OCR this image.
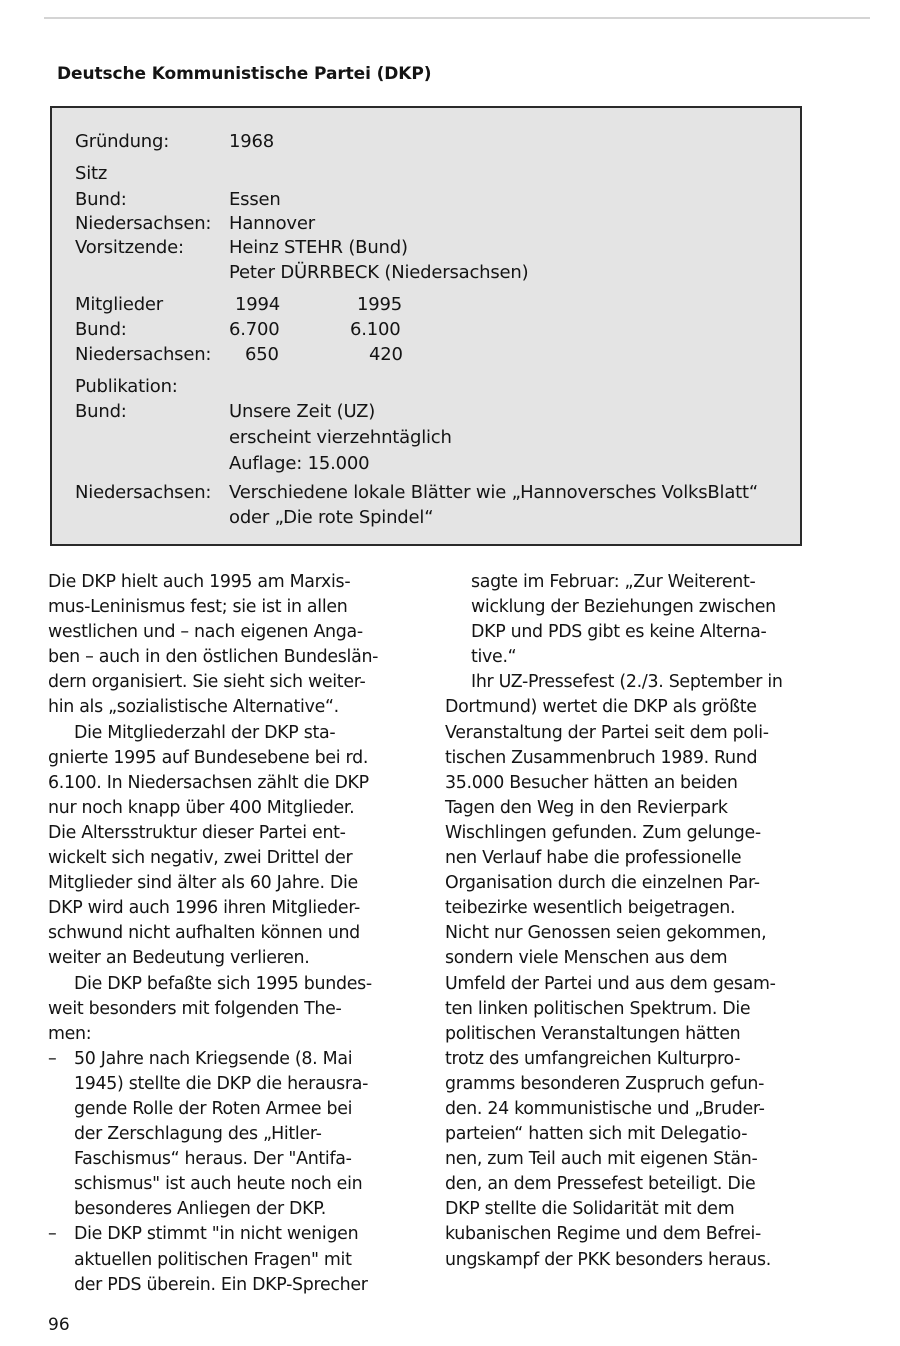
Deutsche Kommunistische Partei (DKP)
Gründung:	1968
Sitz
Bund:	Essen
Niedersachsen: Hannover
Vorsitzende:	Heinz STEHR (Bund)
Peter DÜRRBECK (Niedersachsen)
Mitglieder	1994	1995
Bund:	6.700	6.100
Niedersachsen: 650	420
Publikation:
Bund:	Unsere Zeit (UZ)
erscheint vierzehntäglich
Auflage: 15.000
Niedersachsen: Verschiedene lokale Blätter wie „Hannoversches VolksBlatt“
oder „Die rote Spindel“
Die DKP hielt auch 1995 am Marxis-
mus-Leninismus fest; sie ist in allen
westlichen und – nach eigenen Anga-
ben – auch in den östlichen Bundeslän-
dern organisiert. Sie sieht sich weiter-
hin als „sozialistische Alternative“.
Die Mitgliederzahl der DKP sta-
gnierte 1995 auf Bundesebene bei rd.
6.100. In Niedersachsen zählt die DKP
nur noch knapp über 400 Mitglieder.
Die Altersstruktur dieser Partei ent-
wickelt sich negativ, zwei Drittel der
Mitglieder sind älter als 60 Jahre. Die
DKP wird auch 1996 ihren Mitglieder-
schwund nicht aufhalten können und
weiter an Bedeutung verlieren.
Die DKP befaßte sich 1995 bundes-
weit besonders mit folgenden The-
men:
– 50 Jahre nach Kriegsende (8. Mai
1945) stellte die DKP die herausra-
gende Rolle der Roten Armee bei
der Zerschlagung des „Hitler-
Faschismus“ heraus. Der "Antifa-
schismus" ist auch heute noch ein
besonderes Anliegen der DKP.
– Die DKP stimmt "in nicht wenigen
aktuellen politischen Fragen" mit
der PDS überein. Ein DKP-Sprecher
sagte im Februar: „Zur Weiterent-
wicklung der Beziehungen zwischen
DKP und PDS gibt es keine Alterna-
tive.“
Ihr UZ-Pressefest (2./3. September in
Dortmund) wertet die DKP als größte
Veranstaltung der Partei seit dem poli-
tischen Zusammenbruch 1989. Rund
35.000 Besucher hätten an beiden
Tagen den Weg in den Revierpark
Wischlingen gefunden. Zum gelunge-
nen Verlauf habe die professionelle
Organisation durch die einzelnen Par-
teibezirke wesentlich beigetragen.
Nicht nur Genossen seien gekommen,
sondern viele Menschen aus dem
Umfeld der Partei und aus dem gesam-
ten linken politischen Spektrum. Die
politischen Veranstaltungen hätten
trotz des umfangreichen Kulturpro-
gramms besonderen Zuspruch gefun-
den. 24 kommunistische und „Bruder-
parteien“ hatten sich mit Delegatio-
nen, zum Teil auch mit eigenen Stän-
den, an dem Pressefest beteiligt. Die
DKP stellte die Solidarität mit dem
kubanischen Regime und dem Befrei-
ungskampf der PKK besonders heraus.
96
